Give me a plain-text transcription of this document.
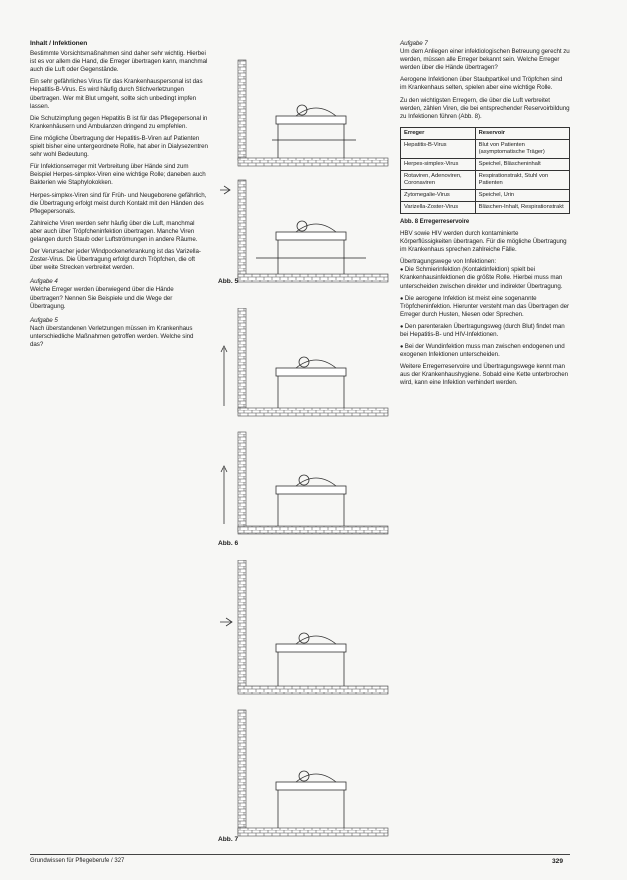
Inhalt / Infektionen

Bestimmte Vorsichtsmaßnahmen sind daher sehr wichtig. Hierbei ist es vor allem die Hand, die Erreger übertragen kann, manchmal auch die Luft oder Gegenstände.

Ein sehr gefährliches Virus für das Krankenhauspersonal ist das Hepatitis-B-Virus. Es wird häufig durch Stichverletzungen übertragen. Wer mit Blut umgeht, sollte sich unbedingt impfen lassen.

Die Schutzimpfung gegen Hepatitis B ist für das Pflegepersonal in Krankenhäusern und Ambulanzen dringend zu empfehlen.

Eine mögliche Übertragung der Hepatitis-B-Viren auf Patienten spielt bisher eine untergeordnete Rolle, hat aber in Dialysezentren sehr wohl Bedeutung.

Für Infektionserreger mit Verbreitung über Hände sind zum Beispiel Herpes-simplex-Viren eine wichtige Rolle; daneben auch Bakterien wie Staphylokokken.

Herpes-simplex-Viren sind für Früh- und Neugeborene gefährlich, die Übertragung erfolgt meist durch Kontakt mit den Händen des Pflegepersonals.

Zahlreiche Viren werden sehr häufig über die Luft, manchmal aber auch über Tröpfcheninfektion übertragen. Manche Viren gelangen durch Staub oder Luftströmungen in andere Räume.

Der Verursacher jeder Windpockenerkrankung ist das Varizella-Zoster-Virus. Die Übertragung erfolgt durch Tröpfchen, die oft über weite Strecken verbreitet werden.

Aufgabe 4

Welche Erreger werden überwiegend über die Hände übertragen? Nennen Sie Beispiele und die Wege der Übertragung.

Aufgabe 5

Nach überstandenen Verletzungen müssen im Krankenhaus unterschiedliche Maßnahmen getroffen werden. Welche sind das?

Abb. 5
Abb. 6
Abb. 7

Aufgabe 7

Um dem Anliegen einer infektiologischen Betreuung gerecht zu werden, müssen alle Erreger bekannt sein. Welche Erreger werden über die Hände übertragen?

Aerogene Infektionen über Staubpartikel und Tröpfchen sind im Krankenhaus selten, spielen aber eine wichtige Rolle.

Zu den wichtigsten Erregern, die über die Luft verbreitet werden, zählen Viren, die bei entsprechender Reservoirbildung zu Infektionen führen (Abb. 8).

Erreger	Reservoir
Hepatitis-B-Virus	Blut von Patienten (asymptomatische Träger)
Herpes-simplex-Virus	Speichel, Bläscheninhalt
Rotaviren, Adenoviren, Coronaviren	Respirationstrakt, Stuhl von Patienten
Zytomegalie-Virus	Speichel, Urin
Varizella-Zoster-Virus	Bläschen-Inhalt, Respirationstrakt

Abb. 8 Erregerreservoire

HBV sowie HIV werden durch kontaminierte Körperflüssigkeiten übertragen. Für die mögliche Übertragung im Krankenhaus sprechen zahlreiche Fälle.

Übertragungswege von Infektionen:

● Die Schmierinfektion (Kontaktinfektion) spielt bei Krankenhausinfektionen die größte Rolle. Hierbei muss man unterscheiden zwischen direkter und indirekter Übertragung.

● Die aerogene Infektion ist meist eine sogenannte Tröpfcheninfektion. Hierunter versteht man das Übertragen der Erreger durch Husten, Niesen oder Sprechen.

● Den parenteralen Übertragungsweg (durch Blut) findet man bei Hepatitis-B- und HIV-Infektionen.

● Bei der Wundinfektion muss man zwischen endogenen und exogenen Infektionen unterscheiden.

Weitere Erregerreservoire und Übertragungswege kennt man aus der Krankenhaushygiene. Sobald eine Kette unterbrochen wird, kann eine Infektion verhindert werden.

Grundwissen für Pflegeberufe / 327	329
